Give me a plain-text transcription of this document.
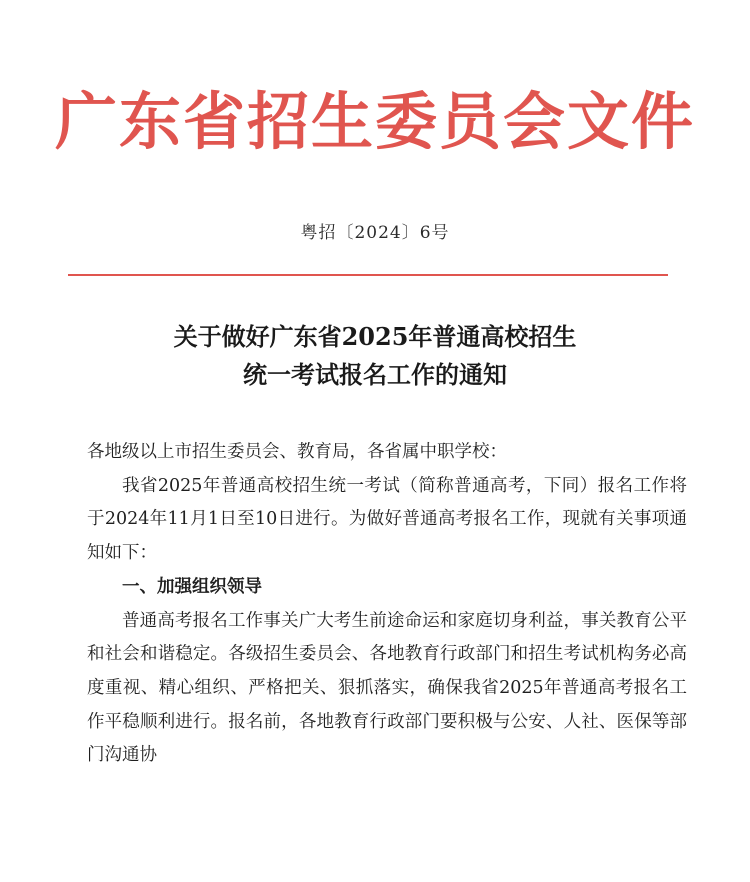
广东省招生委员会文件
粤招〔2024〕6号
关于做好广东省2025年普通高校招生
统一考试报名工作的通知

各地级以上市招生委员会、教育局，各省属中职学校：

我省2025年普通高校招生统一考试（简称普通高考，下同）报名工作将于2024年11月1日至10日进行。为做好普通高考报名工作，现就有关事项通知如下：

一、加强组织领导

普通高考报名工作事关广大考生前途命运和家庭切身利益，事关教育公平和社会和谐稳定。各级招生委员会、各地教育行政部门和招生考试机构务必高度重视、精心组织、严格把关、狠抓落实，确保我省2025年普通高考报名工作平稳顺利进行。报名前，各地教育行政部门要积极与公安、人社、医保等部门沟通协
